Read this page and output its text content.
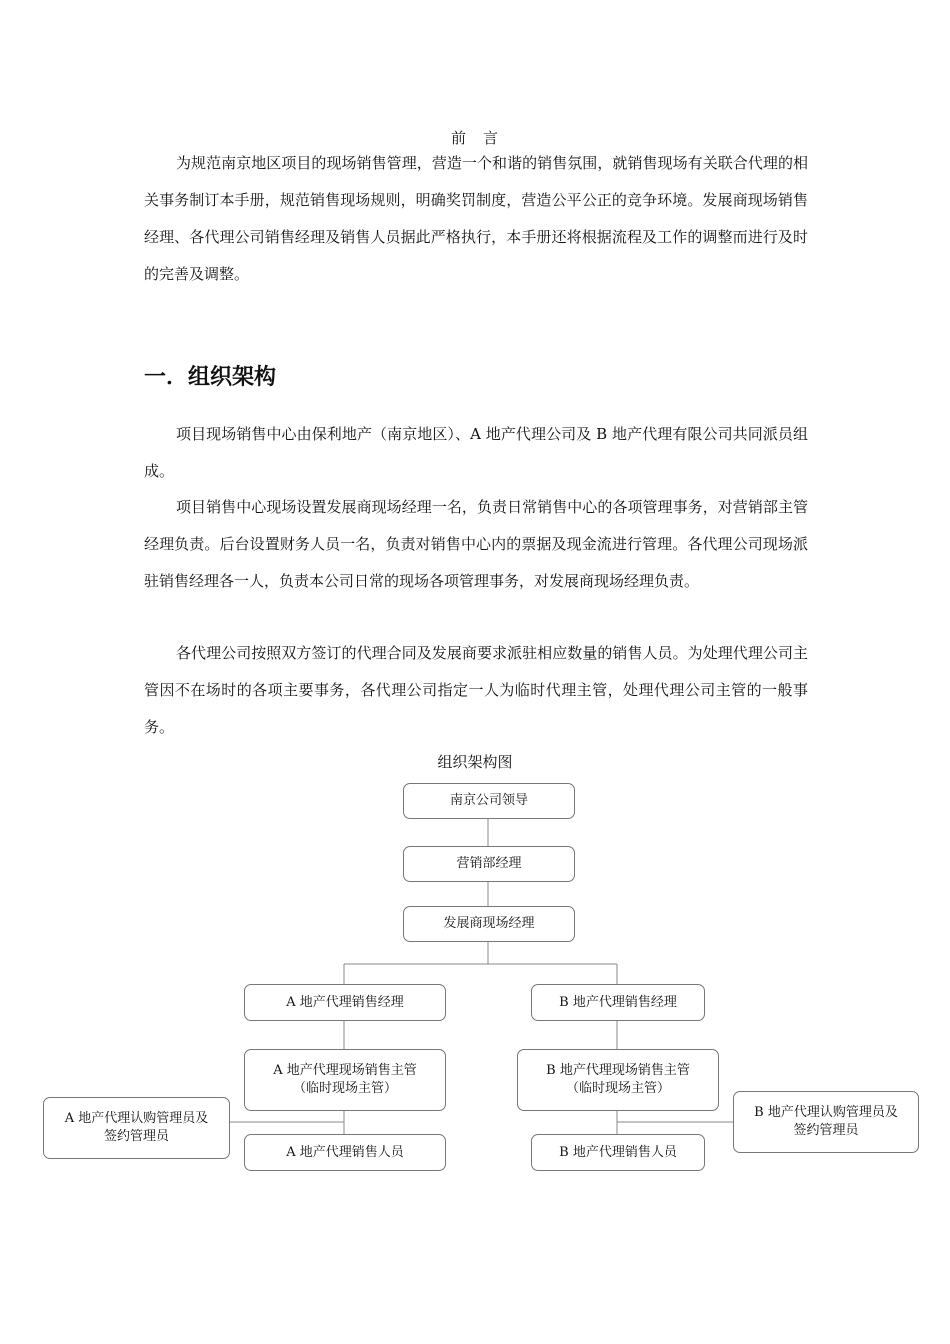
前　言

为规范南京地区项目的现场销售管理，营造一个和谐的销售氛围，就销售现场有关联合代理的相关事务制订本手册，规范销售现场规则，明确奖罚制度，营造公平公正的竞争环境。发展商现场销售经理、各代理公司销售经理及销售人员据此严格执行，本手册还将根据流程及工作的调整而进行及时的完善及调整。

一．组织架构

项目现场销售中心由保利地产（南京地区）、A 地产代理公司及 B 地产代理有限公司共同派员组成。

项目销售中心现场设置发展商现场经理一名，负责日常销售中心的各项管理事务，对营销部主管经理负责。后台设置财务人员一名，负责对销售中心内的票据及现金流进行管理。各代理公司现场派驻销售经理各一人，负责本公司日常的现场各项管理事务，对发展商现场经理负责。

各代理公司按照双方签订的代理合同及发展商要求派驻相应数量的销售人员。为处理代理公司主管因不在场时的各项主要事务，各代理公司指定一人为临时代理主管，处理代理公司主管的一般事务。

组织架构图
南京公司领导
营销部经理
发展商现场经理
A 地产代理销售经理	B 地产代理销售经理
A 地产代理现场销售主管
（临时现场主管）
B 地产代理现场销售主管
（临时现场主管）
A 地产代理认购管理员及
签约管理员
B 地产代理认购管理员及
签约管理员
A 地产代理销售人员	B 地产代理销售人员
